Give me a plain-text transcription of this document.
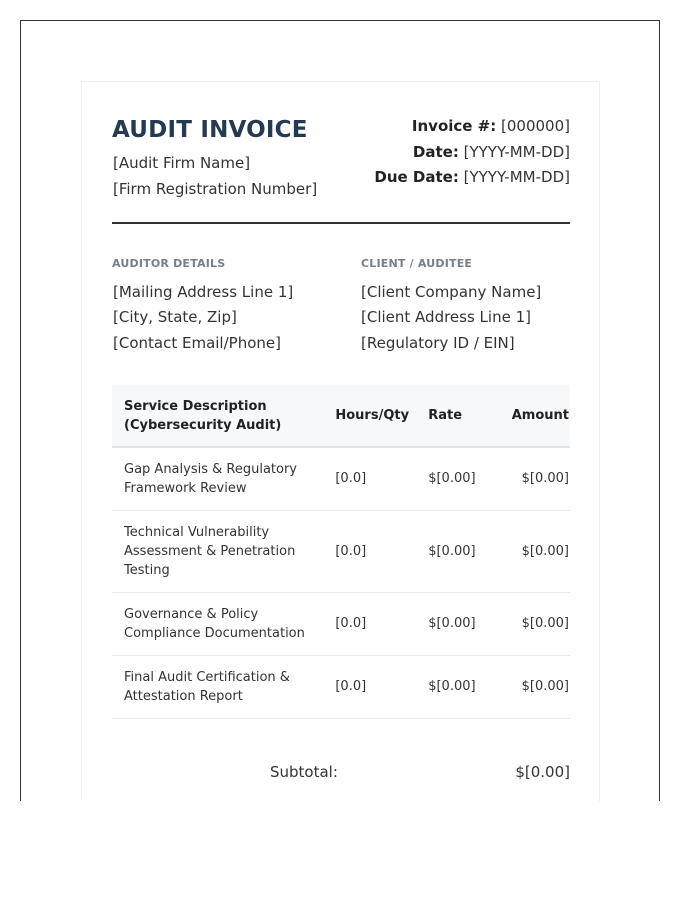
AUDIT INVOICE
[Audit Firm Name]
[Firm Registration Number]
Invoice #: [000000]
Date: [YYYY-MM-DD]
Due Date: [YYYY-MM-DD]
AUDITOR DETAILS
[Mailing Address Line 1]
[City, State, Zip]
[Contact Email/Phone]
CLIENT / AUDITEE
[Client Company Name]
[Client Address Line 1]
[Regulatory ID / EIN]
Service Description
(Cybersecurity Audit)	Hours/Qty	Rate	Amount
Gap Analysis & Regulatory Framework Review	[0.0]	$[0.00]	$[0.00]
Technical Vulnerability Assessment & Penetration Testing	[0.0]	$[0.00]	$[0.00]
Governance & Policy Compliance Documentation	[0.0]	$[0.00]	$[0.00]
Final Audit Certification & Attestation Report	[0.0]	$[0.00]	$[0.00]
Subtotal:	$[0.00]
